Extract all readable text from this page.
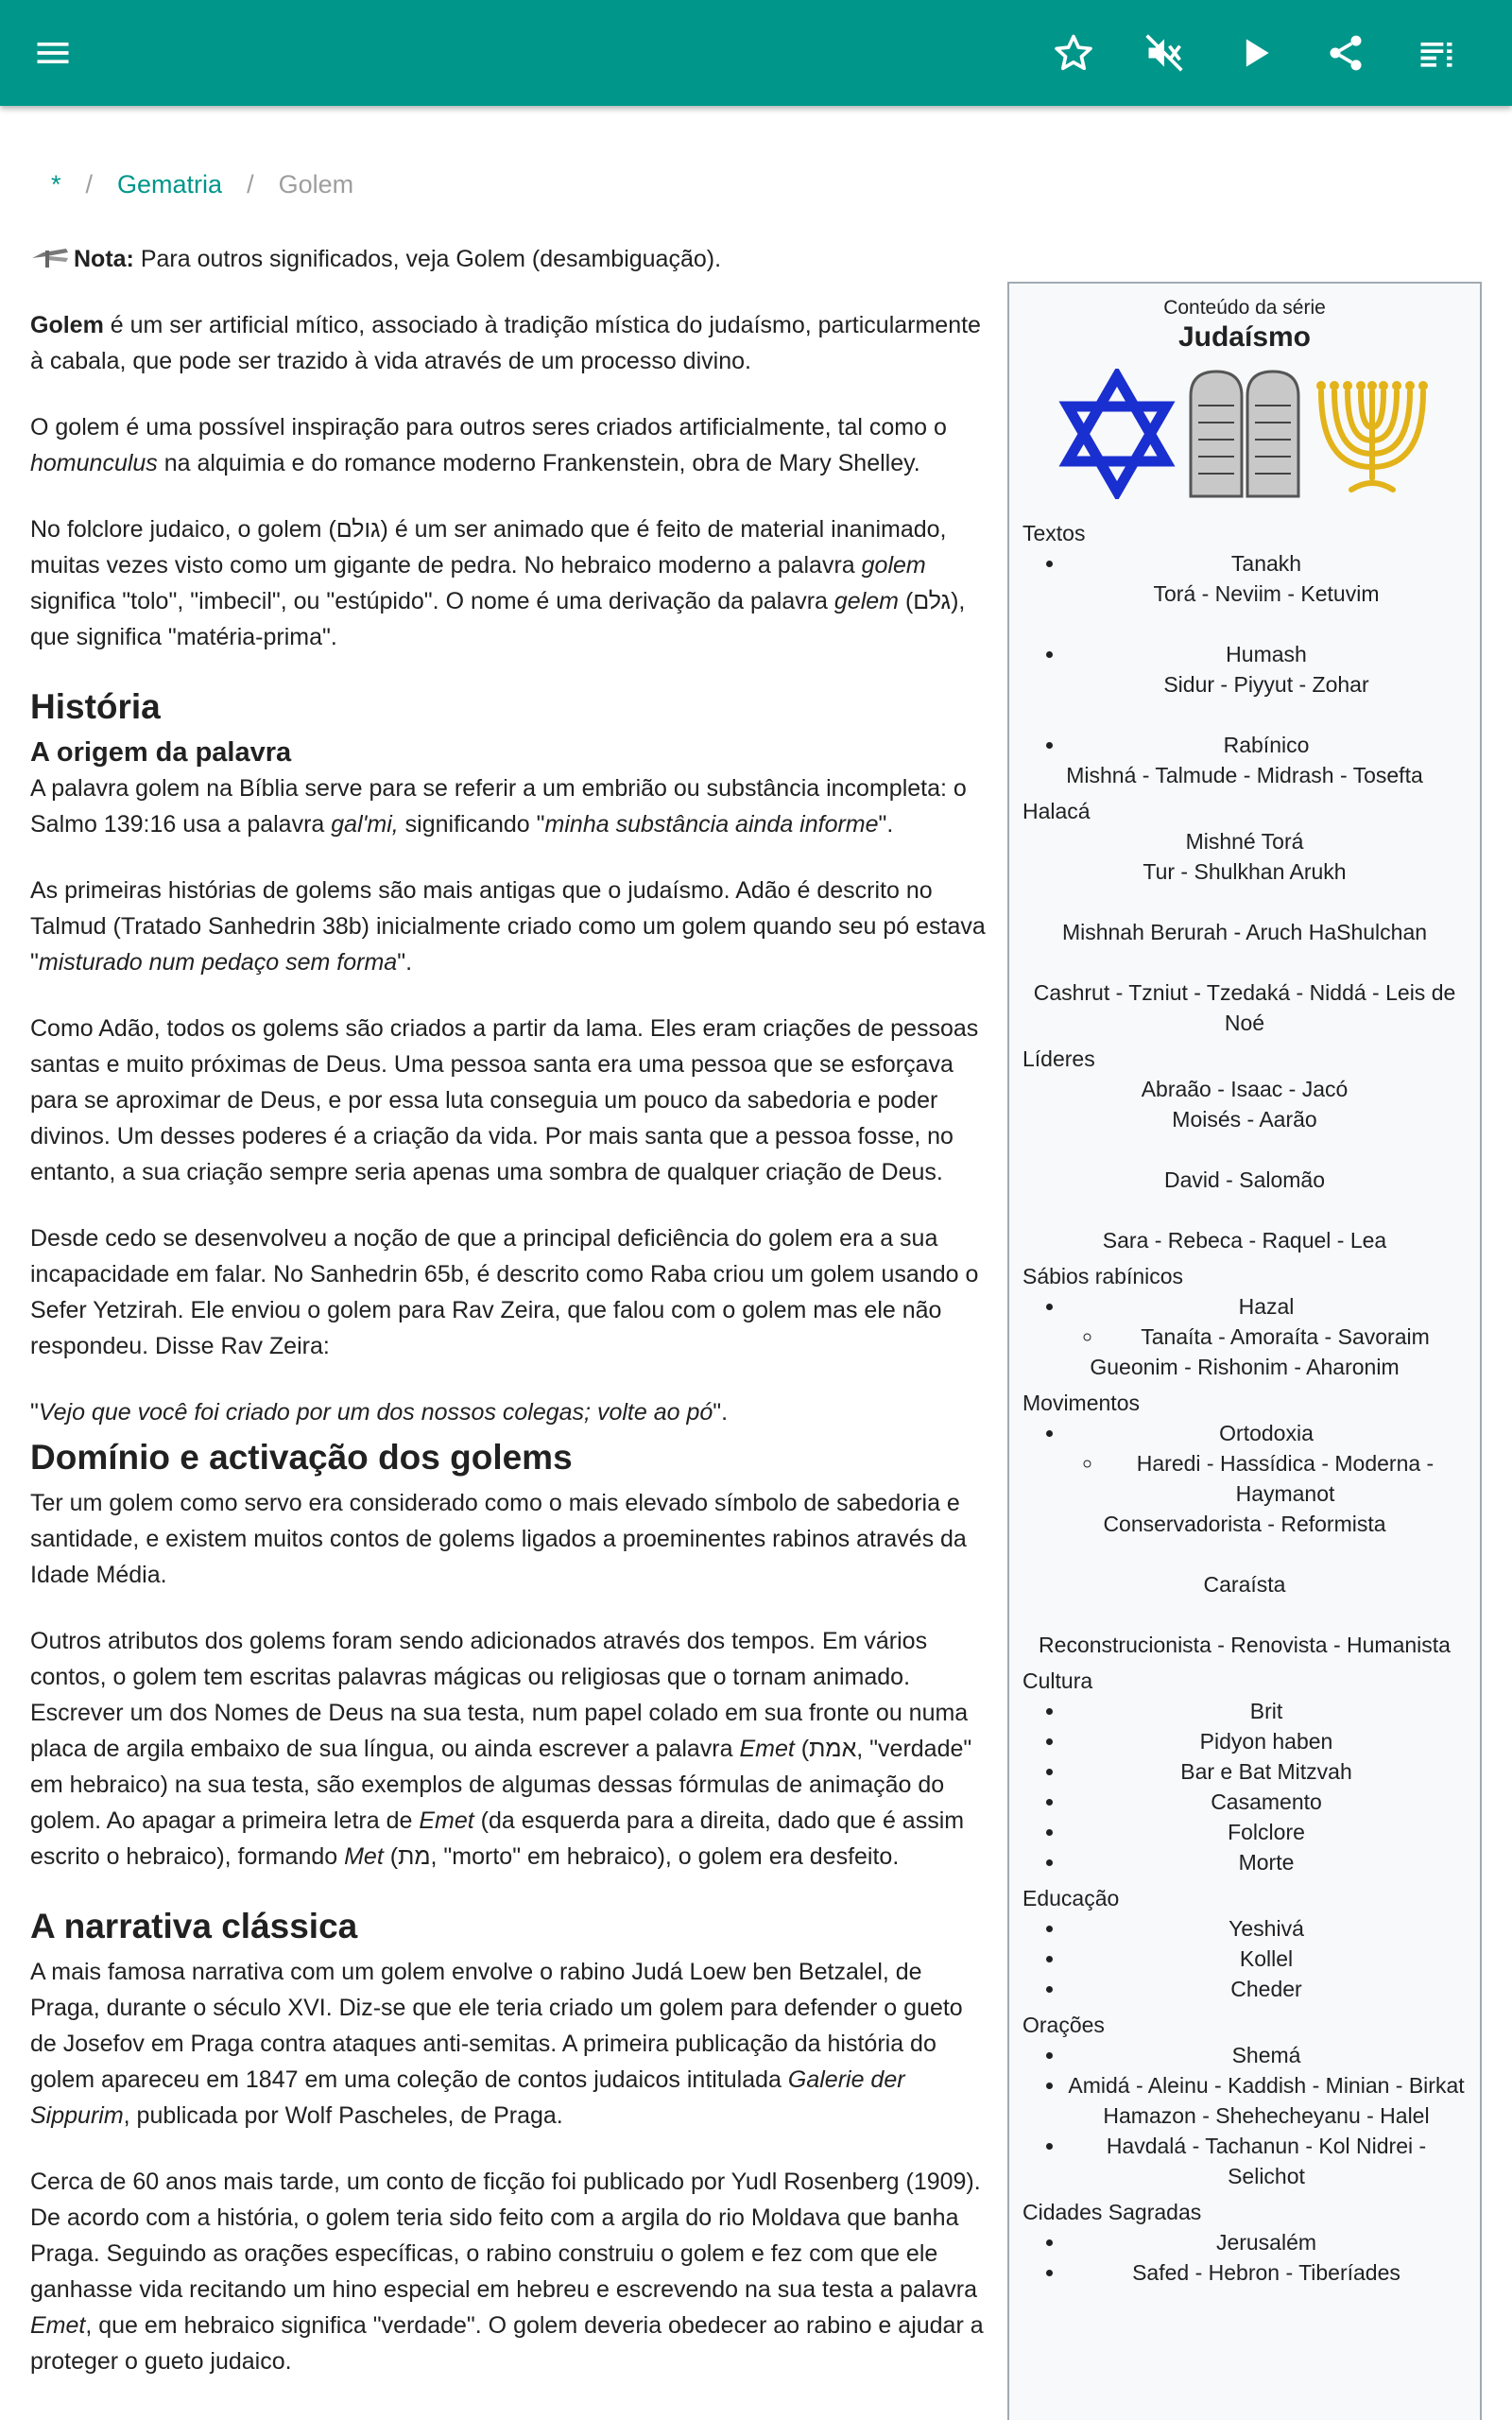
* / Gematria / Golem

Nota: Para outros significados, veja Golem (desambiguação).

Golem é um ser artificial mítico, associado à tradição mística do judaísmo, particularmente à cabala, que pode ser trazido à vida através de um processo divino.

O golem é uma possível inspiração para outros seres criados artificialmente, tal como o homunculus na alquimia e do romance moderno Frankenstein, obra de Mary Shelley.

No folclore judaico, o golem (גולם) é um ser animado que é feito de material inanimado, muitas vezes visto como um gigante de pedra. No hebraico moderno a palavra golem significa "tolo", "imbecil", ou "estúpido". O nome é uma derivação da palavra gelem (גלם), que significa "matéria-prima".

História
A origem da palavra

A palavra golem na Bíblia serve para se referir a um embrião ou substância incompleta: o Salmo 139:16 usa a palavra gal'mi, significando "minha substância ainda informe".

As primeiras histórias de golems são mais antigas que o judaísmo. Adão é descrito no Talmud (Tratado Sanhedrin 38b) inicialmente criado como um golem quando seu pó estava "misturado num pedaço sem forma".

Como Adão, todos os golems são criados a partir da lama. Eles eram criações de pessoas santas e muito próximas de Deus. Uma pessoa santa era uma pessoa que se esforçava para se aproximar de Deus, e por essa luta conseguia um pouco da sabedoria e poder divinos. Um desses poderes é a criação da vida. Por mais santa que a pessoa fosse, no entanto, a sua criação sempre seria apenas uma sombra de qualquer criação de Deus.

Desde cedo se desenvolveu a noção de que a principal deficiência do golem era a sua incapacidade em falar. No Sanhedrin 65b, é descrito como Raba criou um golem usando o Sefer Yetzirah. Ele enviou o golem para Rav Zeira, que falou com o golem mas ele não respondeu. Disse Rav Zeira:

"Vejo que você foi criado por um dos nossos colegas; volte ao pó".

Domínio e activação dos golems

Ter um golem como servo era considerado como o mais elevado símbolo de sabedoria e santidade, e existem muitos contos de golems ligados a proeminentes rabinos através da Idade Média.

Outros atributos dos golems foram sendo adicionados através dos tempos. Em vários contos, o golem tem escritas palavras mágicas ou religiosas que o tornam animado. Escrever um dos Nomes de Deus na sua testa, num papel colado em sua fronte ou numa placa de argila embaixo de sua língua, ou ainda escrever a palavra Emet (אמת, "verdade" em hebraico) na sua testa, são exemplos de algumas dessas fórmulas de animação do golem. Ao apagar a primeira letra de Emet (da esquerda para a direita, dado que é assim escrito o hebraico), formando Met (מת, "morto" em hebraico), o golem era desfeito.

A narrativa clássica

A mais famosa narrativa com um golem envolve o rabino Judá Loew ben Betzalel, de Praga, durante o século XVI. Diz-se que ele teria criado um golem para defender o gueto de Josefov em Praga contra ataques anti-semitas. A primeira publicação da história do golem apareceu em 1847 em uma coleção de contos judaicos intitulada Galerie der Sippurim, publicada por Wolf Pascheles, de Praga.

Cerca de 60 anos mais tarde, um conto de ficção foi publicado por Yudl Rosenberg (1909). De acordo com a história, o golem teria sido feito com a argila do rio Moldava que banha Praga. Seguindo as orações específicas, o rabino construiu o golem e fez com que ele ganhasse vida recitando um hino especial em hebreu e escrevendo na sua testa a palavra Emet, que em hebraico significa "verdade". O golem deveria obedecer ao rabino e ajudar a proteger o gueto judaico.

Conteúdo da série
Judaísmo
אנכי ה׳ לא יהיה לא תשא זכור את כבד את לא תרצח לא תנאף לא תגנב לא תענה לא תחמד
Textos
• Tanakh
Torá - Neviim - Ketuvim
• Humash
Sidur - Piyyut - Zohar
• Rabínico
Mishná - Talmude - Midrash - Tosefta
Halacá
Mishné Torá
Tur - Shulkhan Arukh
Mishnah Berurah - Aruch HaShulchan
Cashrut - Tzniut - Tzedaká - Niddá - Leis de Noé
Líderes
Abraão - Isaac - Jacó
Moisés - Aarão
David - Salomão
Sara - Rebeca - Raquel - Lea
Sábios rabínicos
• Hazal
◦ Tanaíta - Amoraíta - Savoraim
Gueonim - Rishonim - Aharonim
Movimentos
• Ortodoxia
◦ Haredi - Hassídica - Moderna - Haymanot
Conservadorista - Reformista
Caraísta
Reconstrucionista - Renovista - Humanista
Cultura
• Brit
• Pidyon haben
• Bar e Bat Mitzvah
• Casamento
• Folclore
• Morte
Educação
• Yeshivá
• Kollel
• Cheder
Orações
• Shemá
• Amidá - Aleinu - Kaddish - Minian - Birkat Hamazon - Shehecheyanu - Halel
• Havdalá - Tachanun - Kol Nidrei - Selichot
Cidades Sagradas
• Jerusalém
• Safed - Hebron - Tiberíades
